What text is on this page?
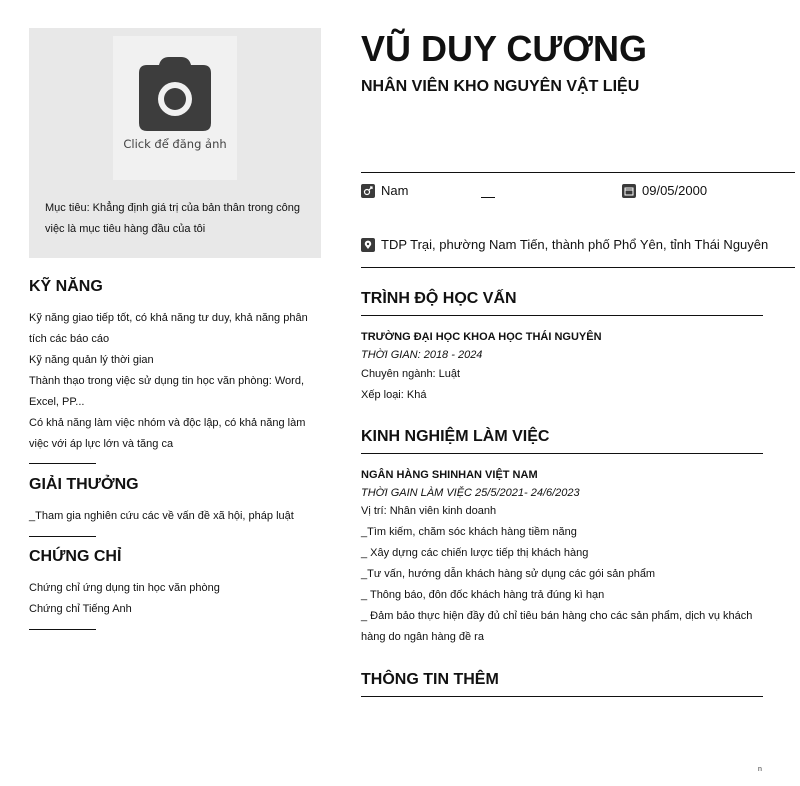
Click để đăng ảnh
Mục tiêu: Khẳng định giá trị của bản thân trong công việc là mục tiêu hàng đầu của tôi
KỸ NĂNG
Kỹ năng giao tiếp tốt, có khả năng tư duy, khả năng phân tích các báo cáo
Kỹ năng quản lý thời gian
Thành thạo trong việc sử dụng tin học văn phòng: Word, Excel, PP...
Có khả năng làm việc nhóm và độc lập, có khả năng làm việc với áp lực lớn và tăng ca
GIẢI THƯỞNG
_Tham gia nghiên cứu các về vấn đề xã hội, pháp luật
CHỨNG CHỈ
Chứng chỉ ứng dụng tin học văn phòng
Chứng chỉ Tiếng Anh
VŨ DUY CƯƠNG
NHÂN VIÊN KHO NGUYÊN VẬT LIỆU
Nam	09/05/2000
TDP Trại, phường Nam Tiến, thành phố Phổ Yên, tỉnh Thái Nguyên
TRÌNH ĐỘ HỌC VẤN
TRƯỜNG ĐẠI HỌC KHOA HỌC THÁI NGUYÊN
THỜI GIAN: 2018 - 2024
Chuyên ngành: Luật
Xếp loại: Khá
KINH NGHIỆM LÀM VIỆC
NGÂN HÀNG SHINHAN VIỆT NAM
THỜI GAIN LÀM VIỆC 25/5/2021- 24/6/2023
Vị trí: Nhân viên kinh doanh
_Tìm kiếm, chăm sóc khách hàng tiềm năng
_ Xây dựng các chiến lược tiếp thị khách hàng
_Tư vấn, hướng dẫn khách hàng sử dụng các gói sản phẩm
_ Thông báo, đôn đốc khách hàng trả đúng kì hạn
_ Đảm bảo thực hiện đầy đủ chỉ tiêu bán hàng cho các sản phẩm, dịch vụ khách hàng do ngân hàng đề ra
THÔNG TIN THÊM
n
